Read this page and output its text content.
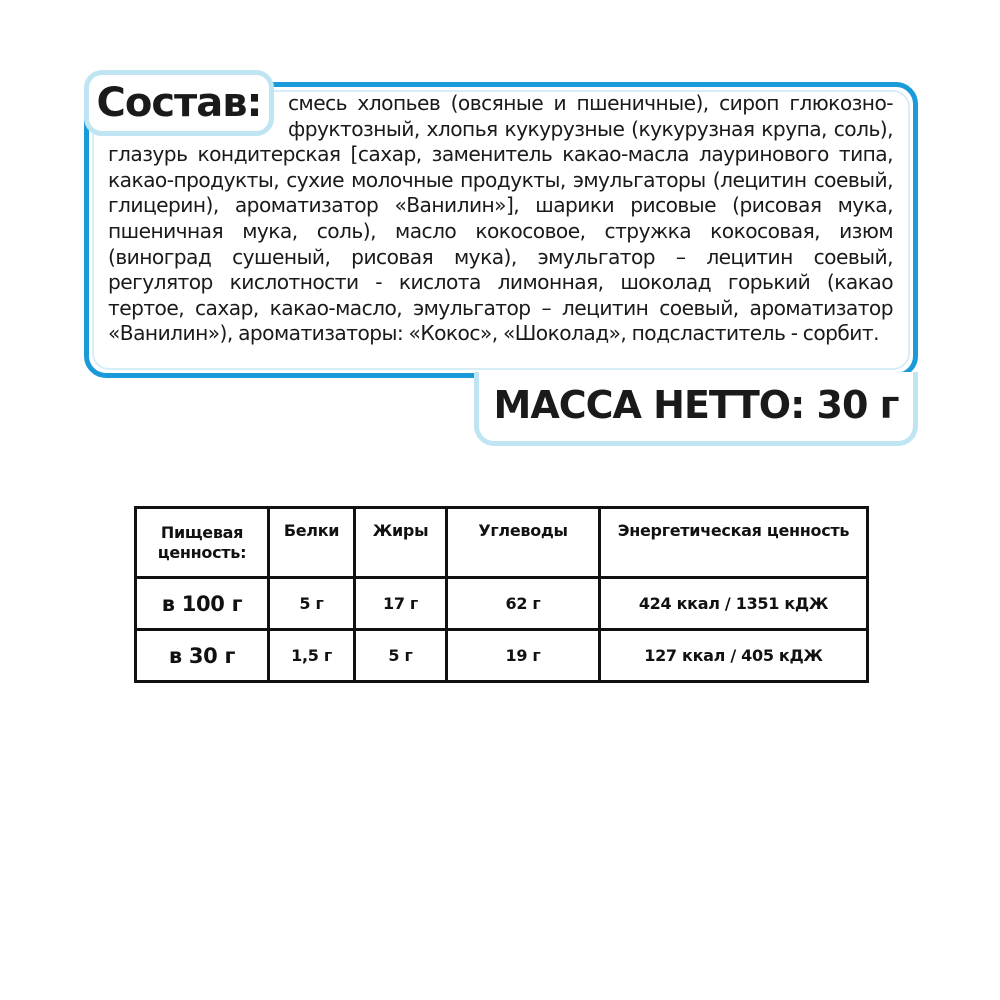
Состав:	смесь хлопьев (овсяные и пшеничные), сироп глюкозно-фруктозный, хлопья кукурузные (кукурузная крупа, соль), глазурь кондитерская [сахар, заменитель какао-масла лауринового типа, какао-продукты, сухие молочные продукты, эмульгаторы (лецитин соевый, глицерин), ароматизатор «Ванилин»], шарики рисовые (рисовая мука, пшеничная мука, соль), масло кокосовое, стружка кокосовая, изюм (виноград сушеный, рисовая мука), эмульгатор – лецитин соевый, регулятор кислотности - кислота лимонная, шоколад горький (какао тертое, сахар, какао-масло, эмульгатор – лецитин соевый, ароматизатор «Ванилин»), ароматизаторы: «Кокос», «Шоколад», подсластитель - сорбит.
МАССА НЕТТО: 30 г
Пищевая ценность:	Белки	Жиры	Углеводы	Энергетическая ценность
в 100 г	5 г	17 г	62 г	424 ккал / 1351 кДЖ
в 30 г	1,5 г	5 г	19 г	127 ккал / 405 кДЖ
